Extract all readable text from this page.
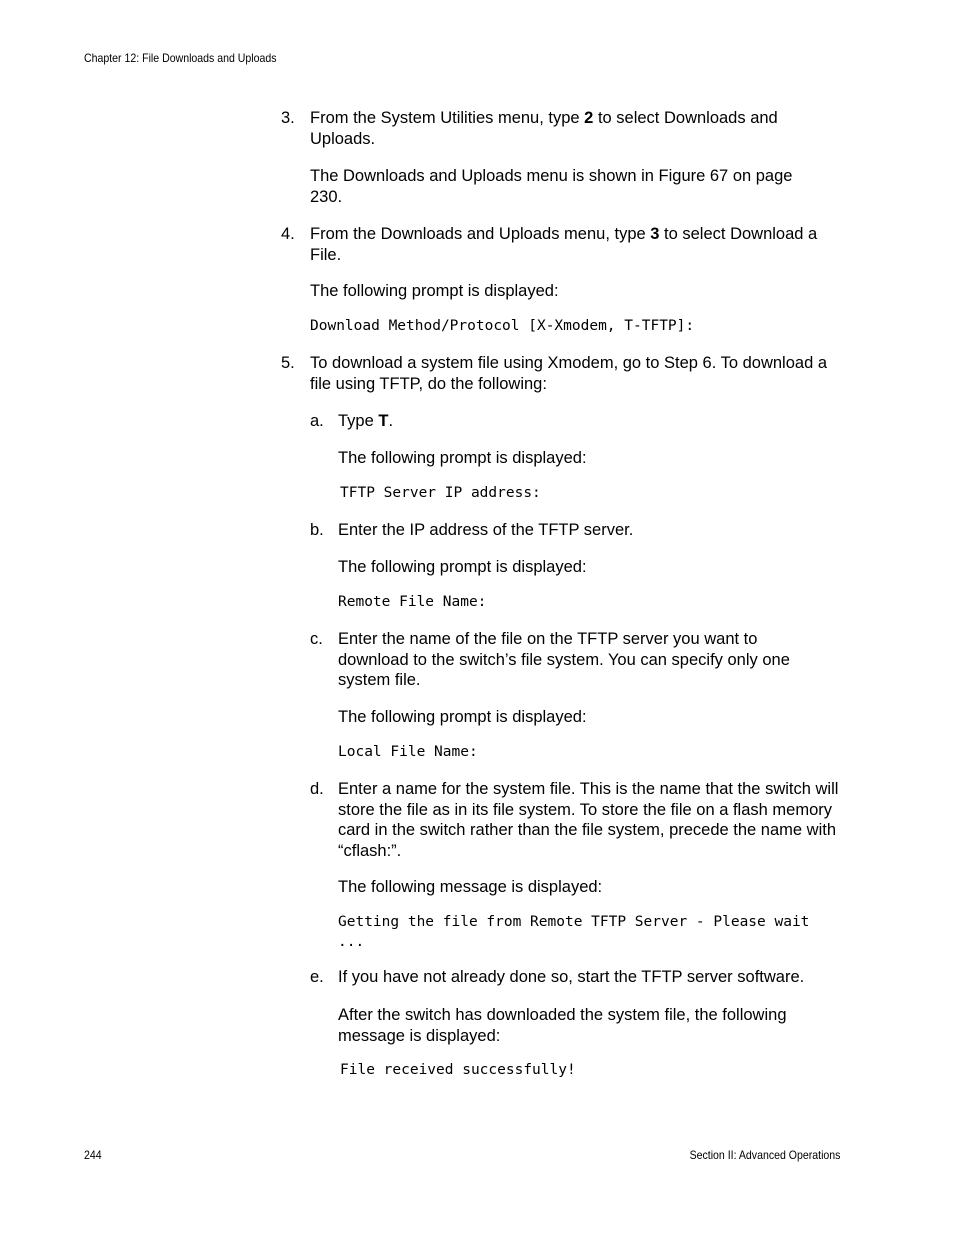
Chapter 12: File Downloads and Uploads
3. From the System Utilities menu, type 2 to select Downloads and Uploads.
The Downloads and Uploads menu is shown in Figure 67 on page 230.
4. From the Downloads and Uploads menu, type 3 to select Download a File.
The following prompt is displayed:
Download Method/Protocol [X-Xmodem, T-TFTP]:
5. To download a system file using Xmodem, go to Step 6. To download a file using TFTP, do the following:
a. Type T.
The following prompt is displayed:
TFTP Server IP address:
b. Enter the IP address of the TFTP server.
The following prompt is displayed:
Remote File Name:
c. Enter the name of the file on the TFTP server you want to download to the switch’s file system. You can specify only one system file.
The following prompt is displayed:
Local File Name:
d. Enter a name for the system file. This is the name that the switch will store the file as in its file system. To store the file on a flash memory card in the switch rather than the file system, precede the name with “cflash:”.
The following message is displayed:
Getting the file from Remote TFTP Server - Please wait
...
e. If you have not already done so, start the TFTP server software.
After the switch has downloaded the system file, the following message is displayed:
File received successfully!
244	Section II: Advanced Operations
